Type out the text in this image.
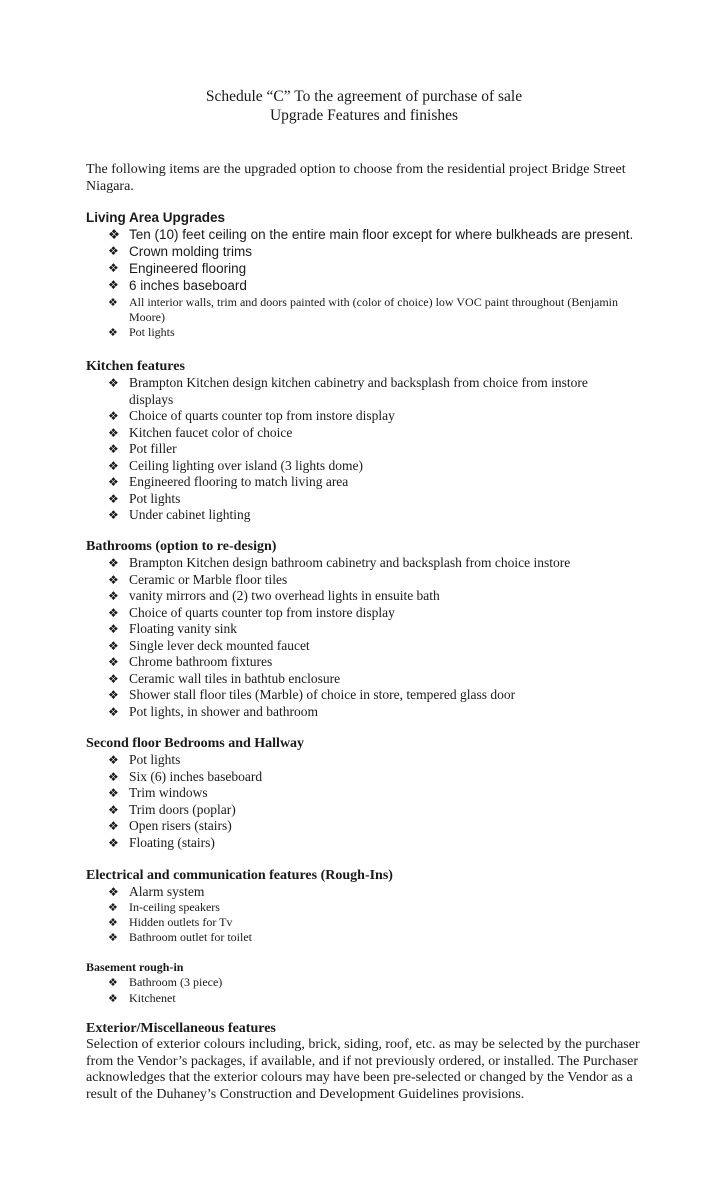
Schedule “C” To the agreement of purchase of sale
Upgrade Features and finishes
The following items are the upgraded option to choose from the residential project Bridge Street Niagara.
Living Area Upgrades
❖ Ten (10) feet ceiling on the entire main floor except for where bulkheads are present.
❖ Crown molding trims
❖ Engineered flooring
❖ 6 inches baseboard
❖ All interior walls, trim and doors painted with (color of choice) low VOC paint throughout (Benjamin Moore)
❖ Pot lights
Kitchen features
❖ Brampton Kitchen design kitchen cabinetry and backsplash from choice from instore displays
❖ Choice of quarts counter top from instore display
❖ Kitchen faucet color of choice
❖ Pot filler
❖ Ceiling lighting over island (3 lights dome)
❖ Engineered flooring to match living area
❖ Pot lights
❖ Under cabinet lighting
Bathrooms (option to re-design)
❖ Brampton Kitchen design bathroom cabinetry and backsplash from choice instore
❖ Ceramic or Marble floor tiles
❖ vanity mirrors and (2) two overhead lights in ensuite bath
❖ Choice of quarts counter top from instore display
❖ Floating vanity sink
❖ Single lever deck mounted faucet
❖ Chrome bathroom fixtures
❖ Ceramic wall tiles in bathtub enclosure
❖ Shower stall floor tiles (Marble) of choice in store, tempered glass door
❖ Pot lights, in shower and bathroom
Second floor Bedrooms and Hallway
❖ Pot lights
❖ Six (6) inches baseboard
❖ Trim windows
❖ Trim doors (poplar)
❖ Open risers (stairs)
❖ Floating (stairs)
Electrical and communication features (Rough-Ins)
❖ Alarm system
❖ In-ceiling speakers
❖ Hidden outlets for Tv
❖ Bathroom outlet for toilet
Basement rough-in
❖ Bathroom (3 piece)
❖ Kitchenet
Exterior/Miscellaneous features
Selection of exterior colours including, brick, siding, roof, etc. as may be selected by the purchaser from the Vendor’s packages, if available, and if not previously ordered, or installed. The Purchaser acknowledges that the exterior colours may have been pre-selected or changed by the Vendor as a result of the Duhaney’s Construction and Development Guidelines provisions.
